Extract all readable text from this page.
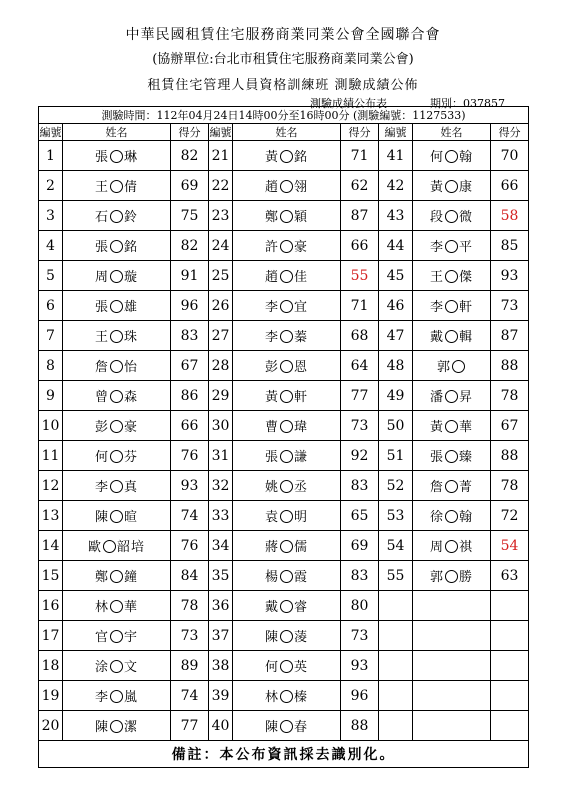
中華民國租賃住宅服務商業同業公會全國聯合會
(協辦單位:台北市租賃住宅服務商業同業公會)
租賃住宅管理人員資格訓練班 測驗成績公佈
測驗成績公布表	期別：037857
測驗時間：112年04月24日14時00分至16時00分 (測驗編號：1127533)								
編號	姓名	得分	編號	姓名	得分	編號	姓名	得分
1	張 琳	82	21	黃 銘	71	41	何 翰	70
2	王 倩	69	22	趙 翎	62	42	黃 康	66
3	石 鈴	75	23	鄭 穎	87	43	段 微	58
4	張 銘	82	24	許 豪	66	44	李 平	85
5	周 璇	91	25	趙 佳	55	45	王 傑	93
6	張 雄	96	26	李 宜	71	46	李 軒	73
7	王 珠	83	27	李 蓁	68	47	戴 輯	87
8	詹 怡	67	28	彭 恩	64	48	郭	88
9	曾 森	86	29	黃 軒	77	49	潘 昇	78
10	彭 豪	66	30	曹 瑋	73	50	黃 華	67
11	何 芬	76	31	張 謙	92	51	張 臻	88
12	李 真	93	32	姚 丞	83	52	詹 菁	78
13	陳 暄	74	33	袁 明	65	53	徐 翰	72
14	歐 韶培	76	34	蔣 儒	69	54	周 祺	54
15	鄭 鐘	84	35	楊 霞	83	55	郭 勝	63
16	林 華	78	36	戴 睿	80			
17	官 宇	73	37	陳 蓤	73			
18	涂 文	89	38	何 英	93			
19	李 嵐	74	39	林 榛	96			
20	陳 潔	77	40	陳 春	88			
備註：本公布資訊採去識別化。								
